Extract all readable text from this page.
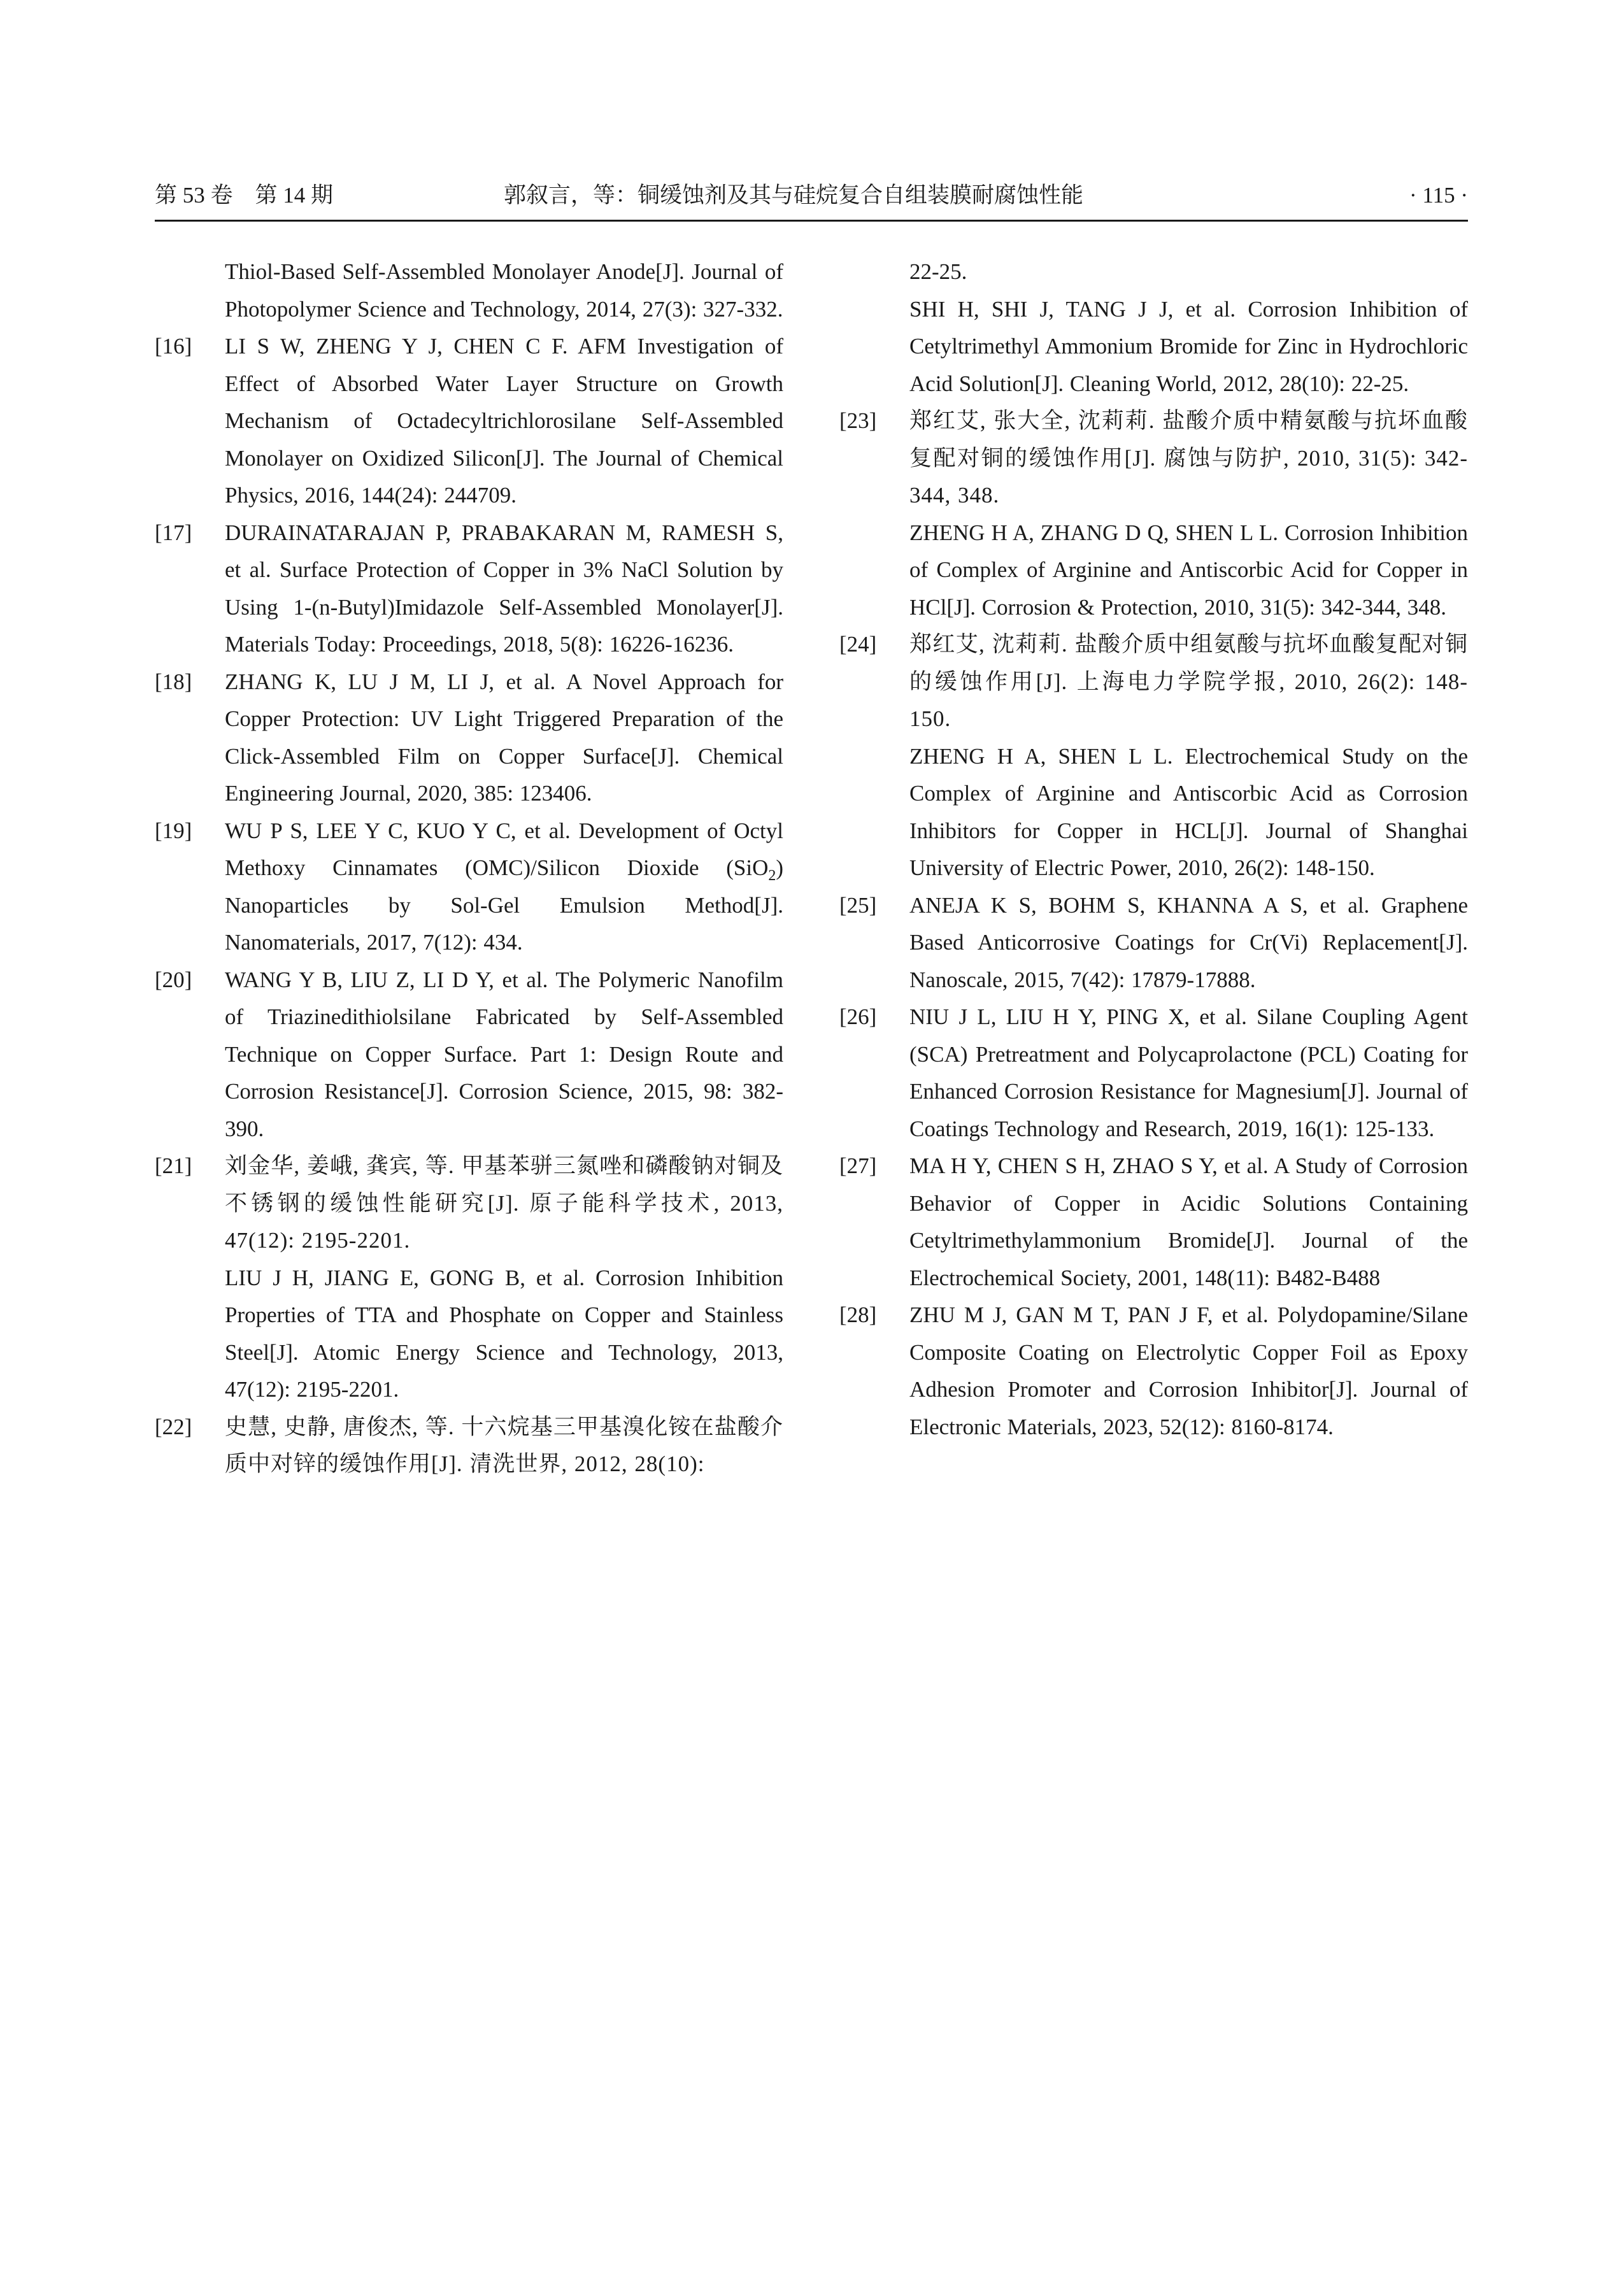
第 53 卷　第 14 期	郭叙言，等：铜缓蚀剂及其与硅烷复合自组装膜耐腐蚀性能	· 115 ·

Thiol-Based Self-Assembled Monolayer Anode[J]. Journal of Photopolymer Science and Technology, 2014, 27(3): 327-332.

[16] LI S W, ZHENG Y J, CHEN C F. AFM Investigation of Effect of Absorbed Water Layer Structure on Growth Mechanism of Octadecyltrichlorosilane Self-Assembled Monolayer on Oxidized Silicon[J]. The Journal of Chemical Physics, 2016, 144(24): 244709.

[17] DURAINATARAJAN P, PRABAKARAN M, RAMESH S, et al. Surface Protection of Copper in 3% NaCl Solution by Using 1-(n-Butyl)Imidazole Self-Assembled Monolayer[J]. Materials Today: Proceedings, 2018, 5(8): 16226-16236.

[18] ZHANG K, LU J M, LI J, et al. A Novel Approach for Copper Protection: UV Light Triggered Preparation of the Click-Assembled Film on Copper Surface[J]. Chemical Engineering Journal, 2020, 385: 123406.

[19] WU P S, LEE Y C, KUO Y C, et al. Development of Octyl Methoxy Cinnamates (OMC)/Silicon Dioxide (SiO$_2$) Nanoparticles by Sol-Gel Emulsion Method[J]. Nanomaterials, 2017, 7(12): 434.

[20] WANG Y B, LIU Z, LI D Y, et al. The Polymeric Nanofilm of Triazinedithiolsilane Fabricated by Self-Assembled Technique on Copper Surface. Part 1: Design Route and Corrosion Resistance[J]. Corrosion Science, 2015, 98: 382-390.

[21] 刘金华, 姜峨, 龚宾, 等. 甲基苯骈三氮唑和磷酸钠对铜及不锈钢的缓蚀性能研究[J]. 原子能科学技术, 2013, 47(12): 2195-2201.

LIU J H, JIANG E, GONG B, et al. Corrosion Inhibition Properties of TTA and Phosphate on Copper and Stainless Steel[J]. Atomic Energy Science and Technology, 2013, 47(12): 2195-2201.

[22] 史慧, 史静, 唐俊杰, 等. 十六烷基三甲基溴化铵在盐酸介质中对锌的缓蚀作用[J]. 清洗世界, 2012, 28(10):

22-25.

SHI H, SHI J, TANG J J, et al. Corrosion Inhibition of Cetyltrimethyl Ammonium Bromide for Zinc in Hydrochloric Acid Solution[J]. Cleaning World, 2012, 28(10): 22-25.

[23] 郑红艾, 张大全, 沈莉莉. 盐酸介质中精氨酸与抗坏血酸复配对铜的缓蚀作用[J]. 腐蚀与防护, 2010, 31(5): 342-344, 348.

ZHENG H A, ZHANG D Q, SHEN L L. Corrosion Inhibition of Complex of Arginine and Antiscorbic Acid for Copper in HCl[J]. Corrosion & Protection, 2010, 31(5): 342-344, 348.

[24] 郑红艾, 沈莉莉. 盐酸介质中组氨酸与抗坏血酸复配对铜的缓蚀作用[J]. 上海电力学院学报, 2010, 26(2): 148-150.

ZHENG H A, SHEN L L. Electrochemical Study on the Complex of Arginine and Antiscorbic Acid as Corrosion Inhibitors for Copper in HCL[J]. Journal of Shanghai University of Electric Power, 2010, 26(2): 148-150.

[25] ANEJA K S, BOHM S, KHANNA A S, et al. Graphene Based Anticorrosive Coatings for Cr(Vi) Replacement[J]. Nanoscale, 2015, 7(42): 17879-17888.

[26] NIU J L, LIU H Y, PING X, et al. Silane Coupling Agent (SCA) Pretreatment and Polycaprolactone (PCL) Coating for Enhanced Corrosion Resistance for Magnesium[J]. Journal of Coatings Technology and Research, 2019, 16(1): 125-133.

[27] MA H Y, CHEN S H, ZHAO S Y, et al. A Study of Corrosion Behavior of Copper in Acidic Solutions Containing Cetyltrimethylammonium Bromide[J]. Journal of the Electrochemical Society, 2001, 148(11): B482-B488

[28] ZHU M J, GAN M T, PAN J F, et al. Polydopamine/Silane Composite Coating on Electrolytic Copper Foil as Epoxy Adhesion Promoter and Corrosion Inhibitor[J]. Journal of Electronic Materials, 2023, 52(12): 8160-8174.
